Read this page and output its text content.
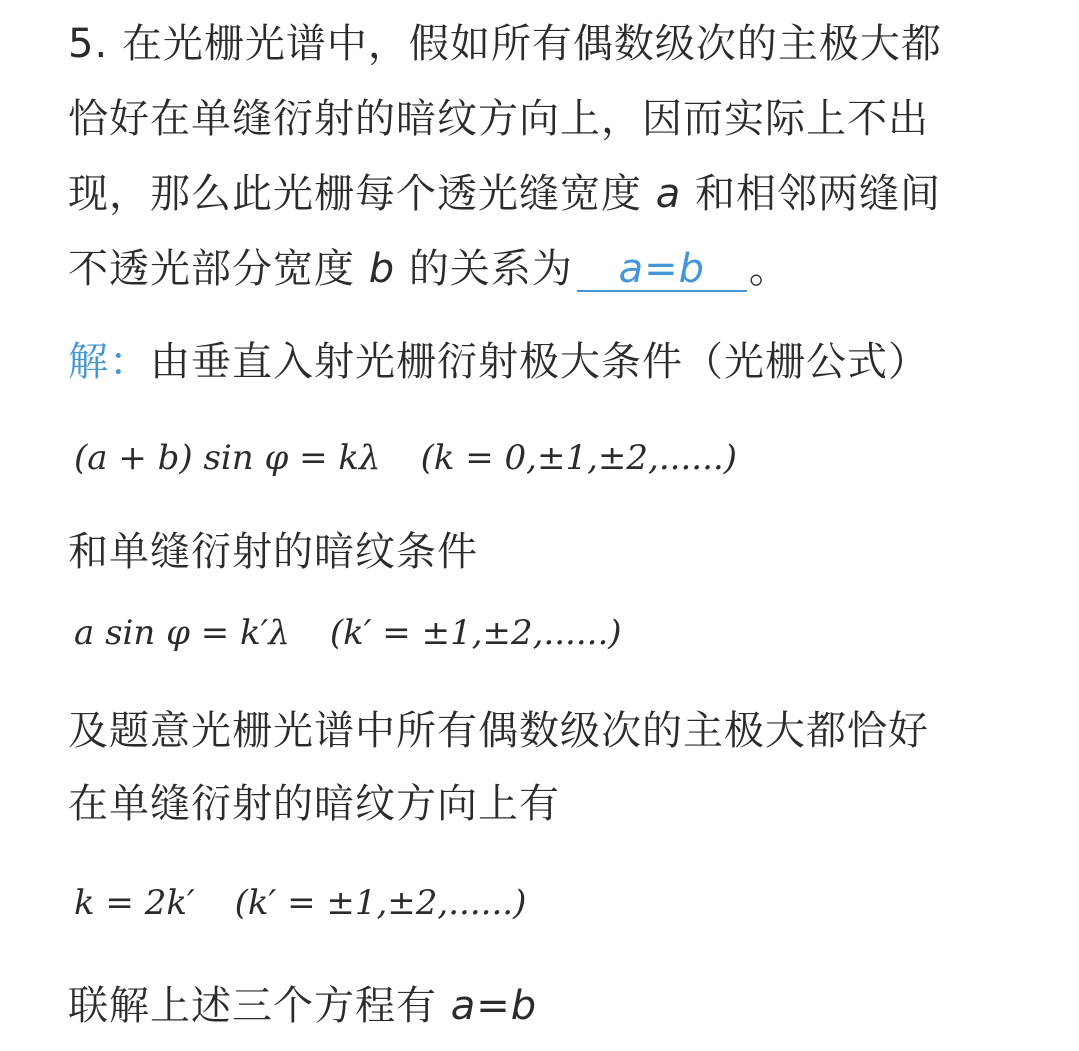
5. 在光栅光谱中，假如所有偶数级次的主极大都
恰好在单缝衍射的暗纹方向上，因而实际上不出
现，那么此光栅每个透光缝宽度 a 和相邻两缝间
不透光部分宽度 b 的关系为 a=b 。
解：由垂直入射光栅衍射极大条件（光栅公式）
(a + b) sin φ = kλ (k = 0,±1,±2,......)
和单缝衍射的暗纹条件
a sin φ = k′λ (k′ = ±1,±2,......)
及题意光栅光谱中所有偶数级次的主极大都恰好
在单缝衍射的暗纹方向上有
k = 2k′ (k′ = ±1,±2,......)
联解上述三个方程有 a=b
